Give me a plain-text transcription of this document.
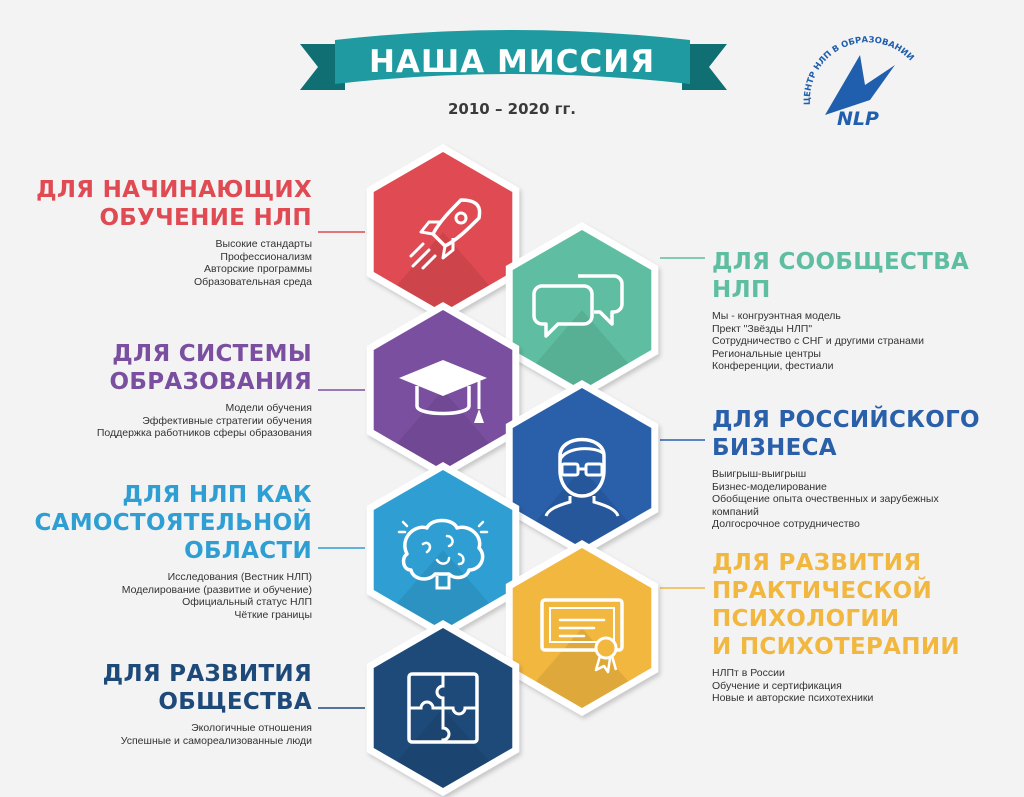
НАША МИССИЯ
ЦЕНТР НЛП В ОБРАЗОВАНИИ
NLP
2010 – 2020 гг.
ДЛЯ НАЧИНАЮЩИХ
ОБУЧЕНИЕ НЛП
Высокие стандарты
Профессионализм
Авторские программы
Образовательная среда
ДЛЯ СООБЩЕСТВА
НЛП
Мы - конгруэнтная модель
Прект "Звёзды НЛП"
Сотрудничество с СНГ и другими странами
Региональные центры
Конференции, фестиали
ДЛЯ СИСТЕМЫ
ОБРАЗОВАНИЯ
Модели обучения
Эффективные стратегии обучения
Поддержка работников сферы образования
ДЛЯ РОССИЙСКОГО
БИЗНЕСА
Выигрыш-выигрыш
Бизнес-моделирование
Обобщение опыта очественных и зарубежных
компаний
Долгосрочное сотрудничество
ДЛЯ НЛП КАК
САМОСТОЯТЕЛЬНОЙ
ОБЛАСТИ
Исследования (Вестник НЛП)
Моделирование (развитие и обучение)
Официальный статус НЛП
Чёткие границы
ДЛЯ РАЗВИТИЯ
ПРАКТИЧЕСКОЙ
ПСИХОЛОГИИ
И ПСИХОТЕРАПИИ
НЛПт в России
Обучение и сертификация
Новые и авторские психотехники
ДЛЯ РАЗВИТИЯ
ОБЩЕСТВА
Экологичные отношения
Успешные и самореализованные люди
